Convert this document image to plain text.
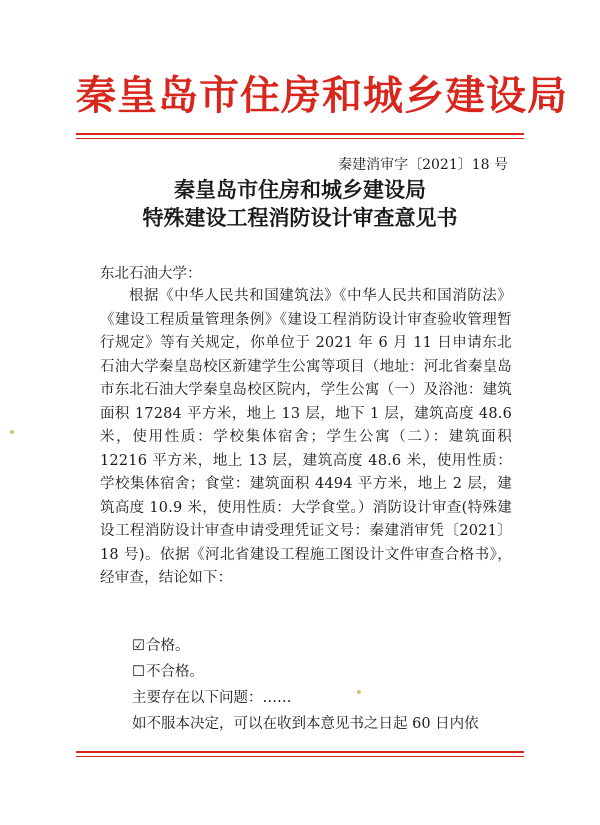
秦皇岛市住房和城乡建设局
秦建消审字〔2021〕18 号
秦皇岛市住房和城乡建设局
特殊建设工程消防设计审查意见书
东北石油大学：
根据《中华人民共和国建筑法》《中华人民共和国消防法》《建设工程质量管理条例》《建设工程消防设计审查验收管理暂行规定》等有关规定，你单位于 2021 年 6 月 11 日申请东北石油大学秦皇岛校区新建学生公寓等项目（地址：河北省秦皇岛市东北石油大学秦皇岛校区院内，学生公寓（一）及浴池：建筑面积 17284 平方米，地上 13 层，地下 1 层，建筑高度 48.6 米，使用性质：学校集体宿舍；学生公寓（二）：建筑面积 12216 平方米，地上 13 层，建筑高度 48.6 米，使用性质：学校集体宿舍；食堂：建筑面积 4494 平方米，地上 2 层，建筑高度 10.9 米，使用性质：大学食堂。）消防设计审查(特殊建设工程消防设计审查申请受理凭证文号：秦建消审凭〔2021〕18 号)。依据《河北省建设工程施工图设计文件审查合格书》，经审查，结论如下：
☑合格。
☐不合格。
主要存在以下问题：……
如不服本决定，可以在收到本意见书之日起 60 日内依
